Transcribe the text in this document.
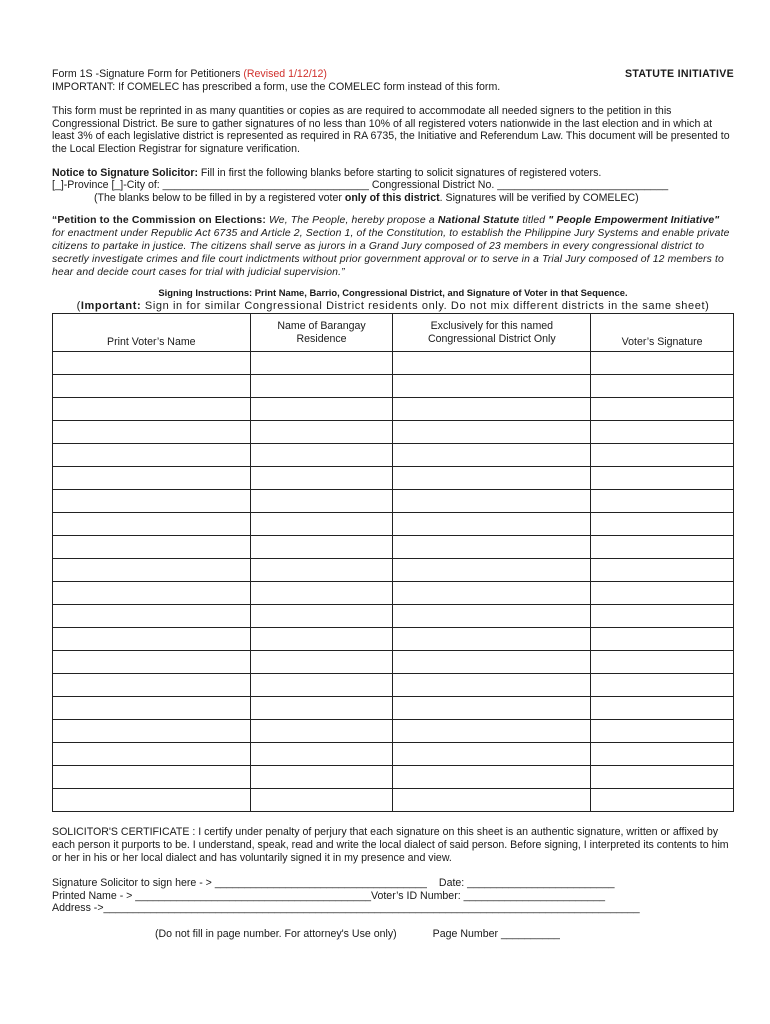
Form 1S -Signature Form for Petitioners (Revised 1/12/12)	STATUTE INITIATIVE

IMPORTANT: If COMELEC has prescribed a form, use the COMELEC form instead of this form.

This form must be reprinted in as many quantities or copies as are required to accommodate all needed signers to the petition in this Congressional District. Be sure to gather signatures of no less than 10% of all registered voters nationwide in the last election and in which at least 3% of each legislative district is represented as required in RA 6735, the Initiative and Referendum Law. This document will be presented to the Local Election Registrar for signature verification.

Notice to Signature Solicitor: Fill in first the following blanks before starting to solicit signatures of registered voters.

[_]-Province [_]-City of: ___________________________________ Congressional District No. _____________________________

(The blanks below to be filled in by a registered voter only of this district. Signatures will be verified by COMELEC)

“Petition to the Commission on Elections: We, The People, hereby propose a National Statute titled " People Empowerment Initiative" for enactment under Republic Act 6735 and Article 2, Section 1, of the Constitution, to establish the Philippine Jury Systems and enable private citizens to partake in justice. The citizens shall serve as jurors in a Grand Jury composed of 23 members in every congressional district to secretly investigate crimes and file court indictments without prior government approval or to serve in a Trial Jury composed of 12 members to hear and decide court cases for trial with judicial supervision.”

Signing Instructions: Print Name, Barrio, Congressional District, and Signature of Voter in that Sequence.

(Important: Sign in for similar Congressional District residents only. Do not mix different districts in the same sheet)

Print Voter’s Name	Name of Barangay Residence	Exclusively for this named Congressional District Only	Voter’s Signature

SOLICITOR'S CERTIFICATE : I certify under penalty of perjury that each signature on this sheet is an authentic signature, written or affixed by each person it purports to be. I understand, speak, read and write the local dialect of said person. Before signing, I interpreted its contents to him or her in his or her local dialect and has voluntarily signed it in my presence and view.

Signature Solicitor to sign here - > ____________________________________ Date: _________________________

Printed Name - > ________________________________________Voter’s ID Number: ________________________

Address ->___________________________________________________________________________________________

(Do not fill in page number. For attorney's Use only)	Page Number __________
